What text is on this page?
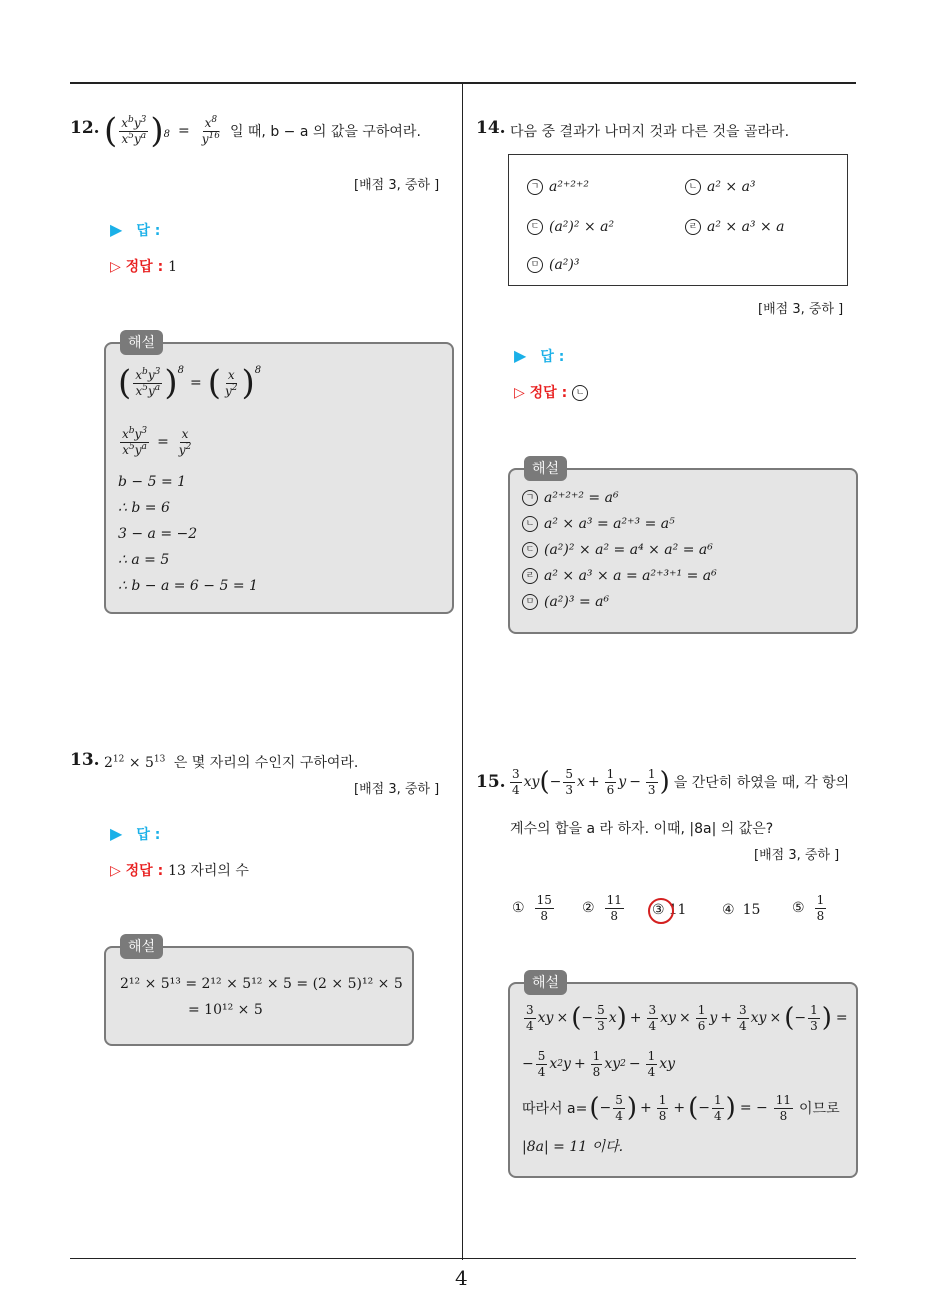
4
12. ( $\frac{x^by^3}{x^5y^a} )^8 = \frac{x^8}{y^{16}}$ 일 때, b − a 의 값을 구하여라.
[배점 3, 중하 ]
▶ 답 :
▷ 정답 : 1
해설
( $\frac{x^by^3}{x^5y^a} )^8$
= ( $\frac{x}{y^2} )^8$
$\frac{x^by^3}{x^5y^a} = \frac{x}{y^2}$
b − 5 = 1
∴ b = 6
3 − a = −2
∴ a = 5
∴ b − a = 6 − 5 = 1
13. $2^{12} \times 5^{13}$ 은 몇 자리의 수인지 구하여라.
[배점 3, 중하 ]
▶ 답 :
▷ 정답 : 13 자리의 수
해설
2¹² × 5¹³ = 2¹² × 5¹² × 5 = (2 × 5)¹² × 5
= 10¹² × 5
14. 다음 중 결과가 나머지 것과 다른 것을 골라라.
ㄱ a²⁺²⁺²	ㄴ a² × a³
ㄷ (a²)² × a²	ㄹ a² × a³ × a
ㅁ (a²)³
[배점 3, 중하 ]
▶ 답 :
▷ 정답 : ㄴ
해설
ㄱ a²⁺²⁺² = a⁶
ㄴ a² × a³ = a²⁺³ = a⁵
ㄷ (a²)² × a² = a⁴ × a² = a⁶
ㄹ a² × a³ × a = a²⁺³⁺¹ = a⁶
ㅁ (a²)³ = a⁶
15. $\frac{3}{4}$ xy ( − $\frac{5}{3}$ $x + \frac{1}{6}$ $y - \frac{1}{3}$ ) 을 간단히 하였을 때, 각 항의
계수의 합을 a 라 하자. 이때, |8a| 의 값은?
[배점 3, 중하 ]
① $\frac{15}{8}$ ② $\frac{11}{8}$ ③ 11	④ 15 ⑤ $\frac{1}{8}$
해설
$\frac{3}{4}$ xy × ( − $\frac{5}{3}$ x ) + $\frac{3}{4}$ xy × $\frac{1}{6}$ $y + \frac{3}{4}$ xy × ( − $\frac{1}{3}$ ) =
− $\frac{5}{4}$ x 2 $y + \frac{1}{8}$ xy $2 - \frac{1}{4}$ xy
따라서 a= ( − $\frac{5}{4}$ ) + $\frac{1}{8}$ + ( − $\frac{1}{4}$ ) = − $\frac{11}{8}$ 이므로
|8a| = 11 이다.
